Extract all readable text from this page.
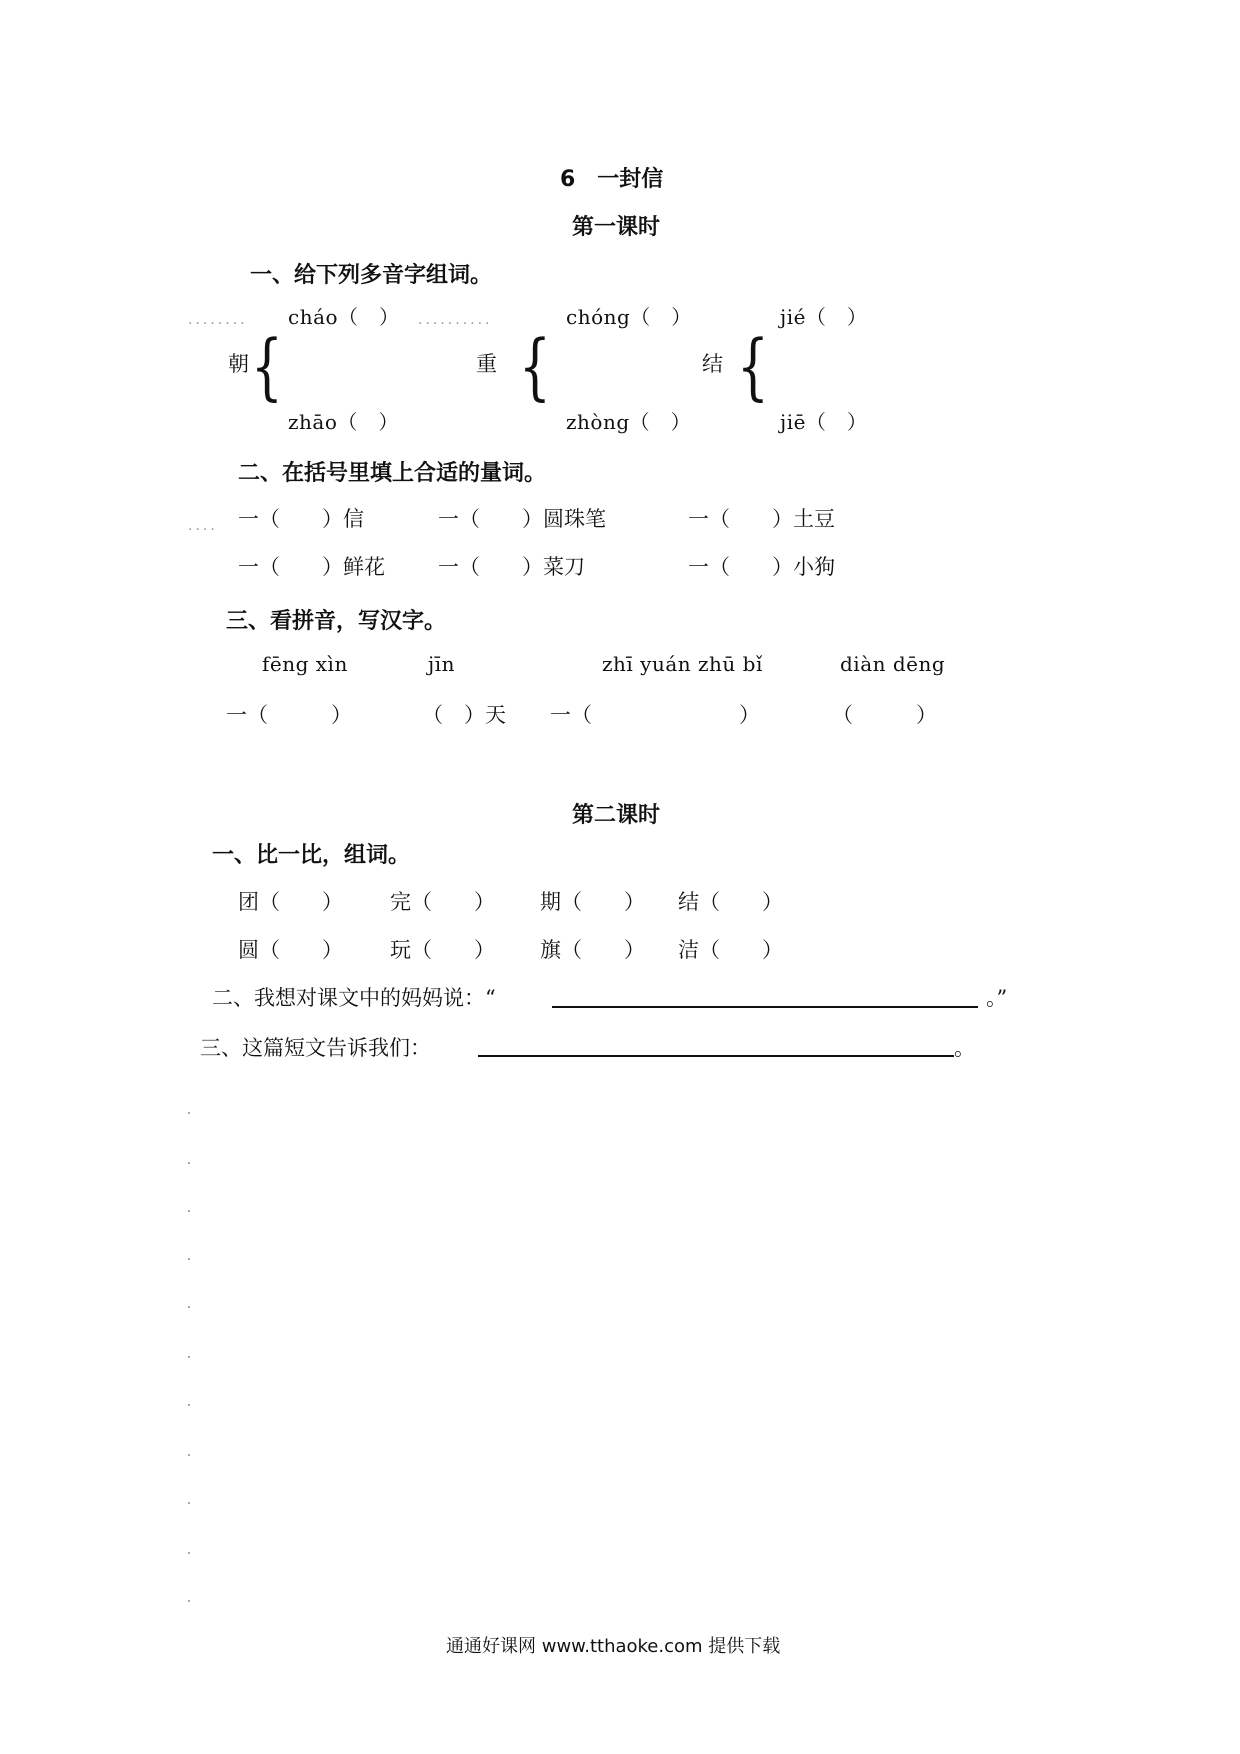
6　一封信
第一课时
一、给下列多音字组词。
........ cháo（　）
朝 {
zhāo（　）
..........	chóng（　）
重 {
zhòng（　）
jié（　）
结 {
jiē（　）
二、在括号里填上合适的量词。
.... 一（　　）信	一（　　）圆珠笔	一（　　）土豆
一（　　）鲜花	一（　　）菜刀	一（　　）小狗
三、看拼音，写汉字。
fēng xìn	jīn	zhī yuán zhū bǐ	diàn dēng
一（　　　）	（　）天 一（　　　　　　　）	（　　　）
第二课时
一、比一比，组词。
团（　　） 完（　　） 期（　　） 结（　　）
圆（　　） 玩（　　） 旗（　　） 洁（　　）
二、我想对课文中的妈妈说：“	。”
三、这篇短文告诉我们：	。
通通好课网 www.tthaoke.com 提供下载
